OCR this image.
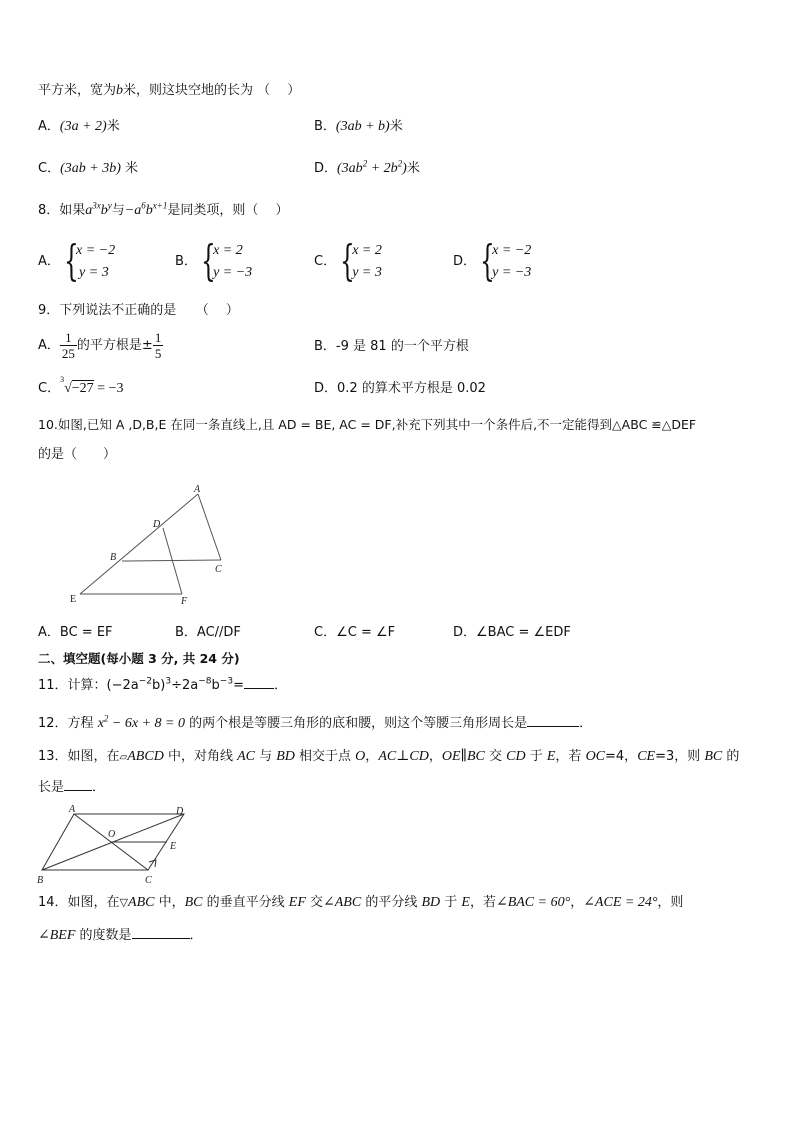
平方米，宽为b米，则这块空地的长为 （　 ）
A．(3a + 2)米	B．(3ab + b)米
C．(3ab + 3b) 米	D．$(3ab^2 + 2b^2)$米
8．如果$a^{3x}b^y$与$-a^6b^{x+1}$是同类项，则（　 ）
A． {
x = −2
y = 3
B． {
x = 2
y = −3
C． {
x = 2
y = 3
D． {
x = −2
y = −3
9．下列说法不正确的是　　（　 ）
A． $\frac{1}{25}$ 的平方根是± $\frac{1}{5}$	B．-9 是 81 的一个平方根
C．$^3$√−27 = −3	D．0.2 的算术平方根是 0.02
10.如图,已知 A ,D,B,E 在同一条直线上,且 AD = BE, AC = DF,补充下列其中一个条件后,不一定能得到△ABC ≌△DEF
的是（　　）
A
D
B
C
E	F
A．BC = EF	B．AC//DF	C．∠C = ∠F	D．∠BAC = ∠EDF
二、填空题(每小题 3 分, 共 24 分)
11．计算：$(-2a^{-2}b)^3\div 2a^{-8}b^{-3}=$ ．
12．方程 $x^2 - 6x + 8 = 0$ 的两个根是等腰三角形的底和腰，则这个等腰三角形周长是	．
13．如图，在▱ABCD 中，对角线 AC 与 BD 相交于点 O，AC⊥CD，OE∥BC 交 CD 于 E，若 OC=4，CE=3，则 BC 的
长是 ．
A	D
O
E
B	C
14．如图，在▽ABC 中，BC 的垂直平分线 EF 交∠ABC 的平分线 BD 于 E，若∠BAC = 60°，∠ACE = 24°，则
∠BEF 的度数是	．
